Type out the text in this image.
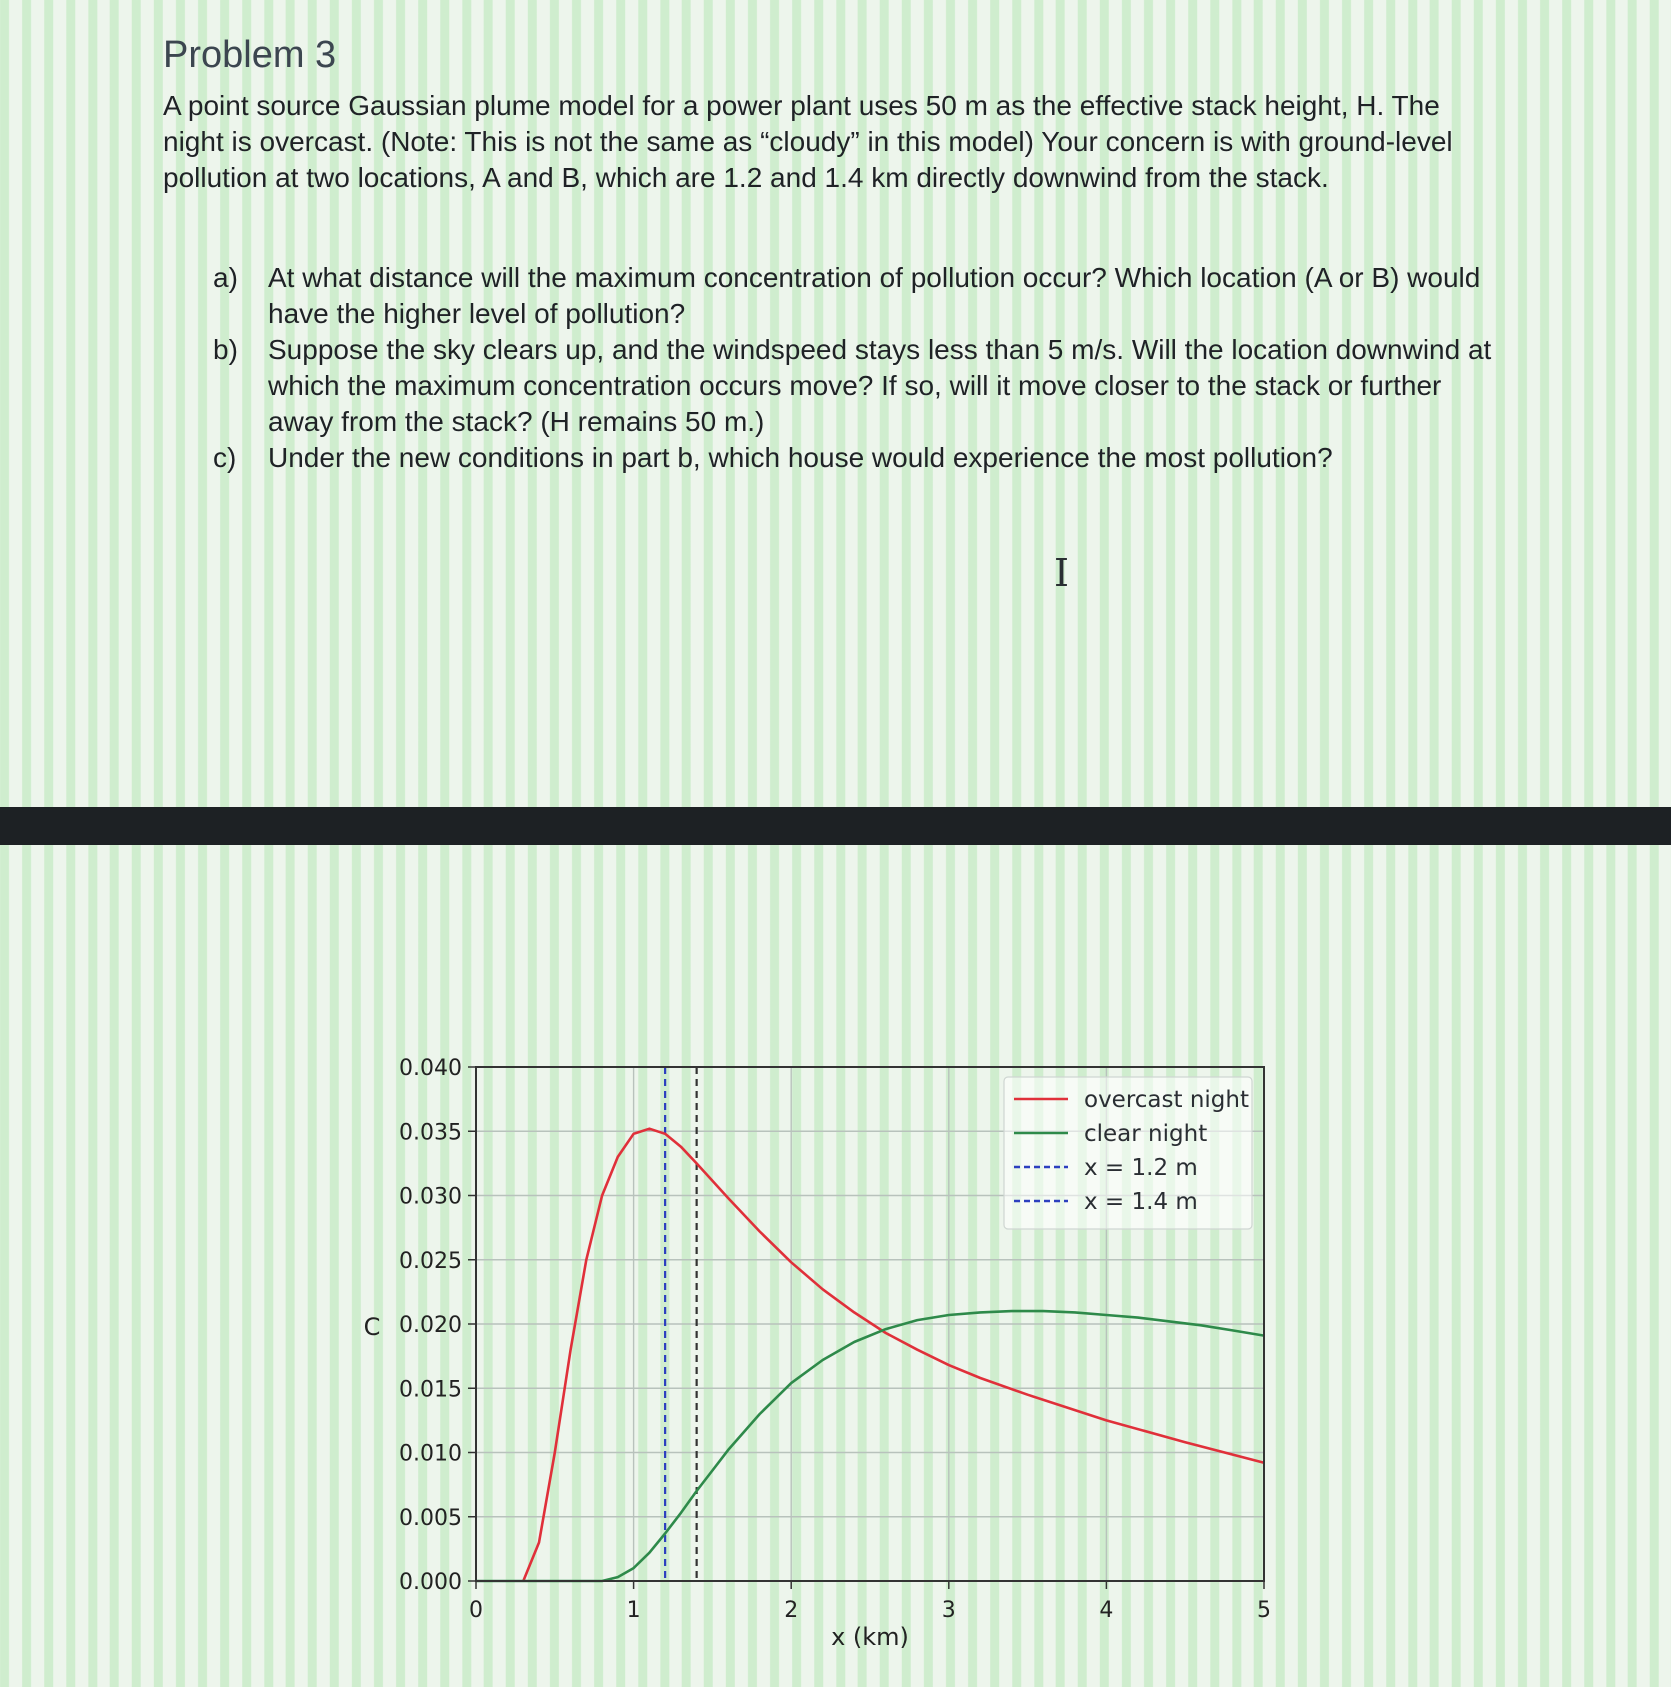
Problem 3
A point source Gaussian plume model for a power plant uses 50 m as the effective stack height, H. The night is overcast. (Note: This is not the same as “cloudy” in this model) Your concern is with ground-level pollution at two locations, A and B, which are 1.2 and 1.4 km directly downwind from the stack.
a) At what distance will the maximum concentration of pollution occur? Which location (A or B) would have the higher level of pollution?
b) Suppose the sky clears up, and the windspeed stays less than 5 m/s. Will the location downwind at which the maximum concentration occurs move? If so, will it move closer to the stack or further away from the stack? (H remains 50 m.)
c) Under the new conditions in part b, which house would experience the most pollution?
I
0	1	2	3	4	5
0.000
0.005
0.010
0.015
0.020
0.025
0.030
0.035
0.040
x (km)
C
overcast night
clear night
x = 1.2 m
x = 1.4 m
